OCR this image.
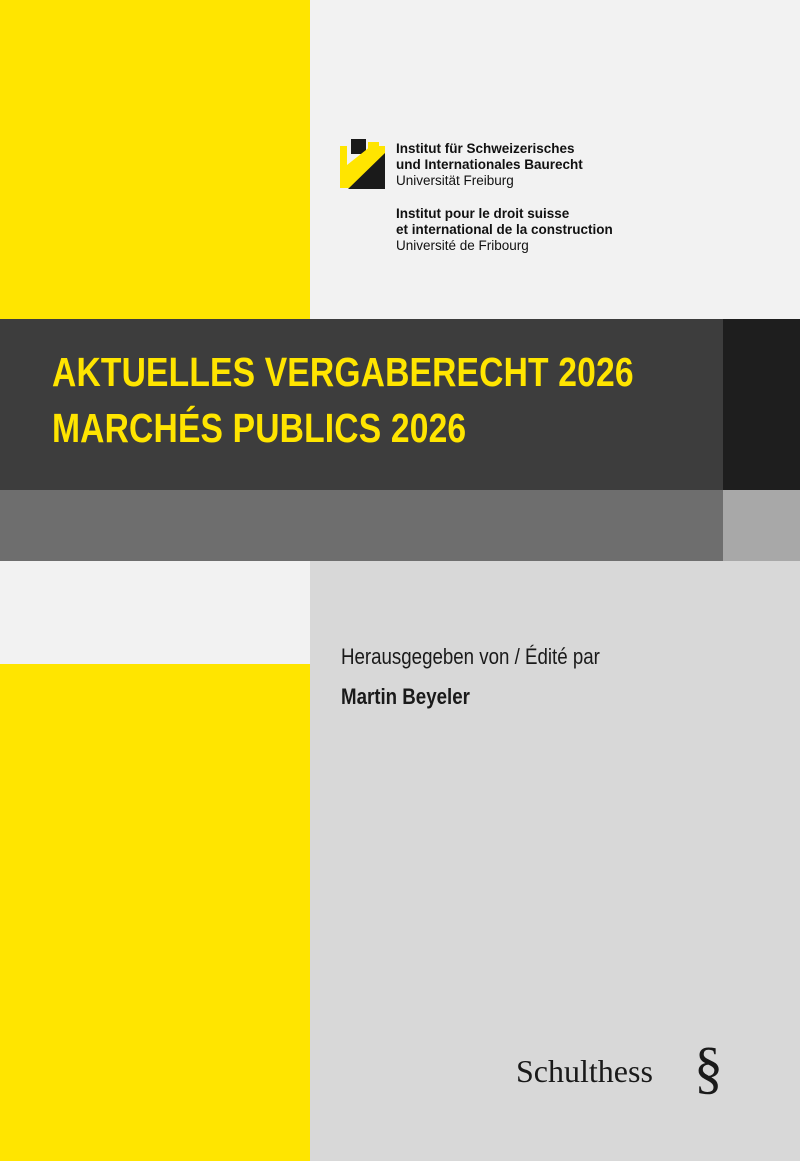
Institut für Schweizerisches
und Internationales Baurecht
Universität Freiburg
Institut pour le droit suisse
et international de la construction
Université de Fribourg
AKTUELLES VERGABERECHT 2026
MARCHÉS PUBLICS 2026
Herausgegeben von / Édité par
Martin Beyeler
Schulthess §
